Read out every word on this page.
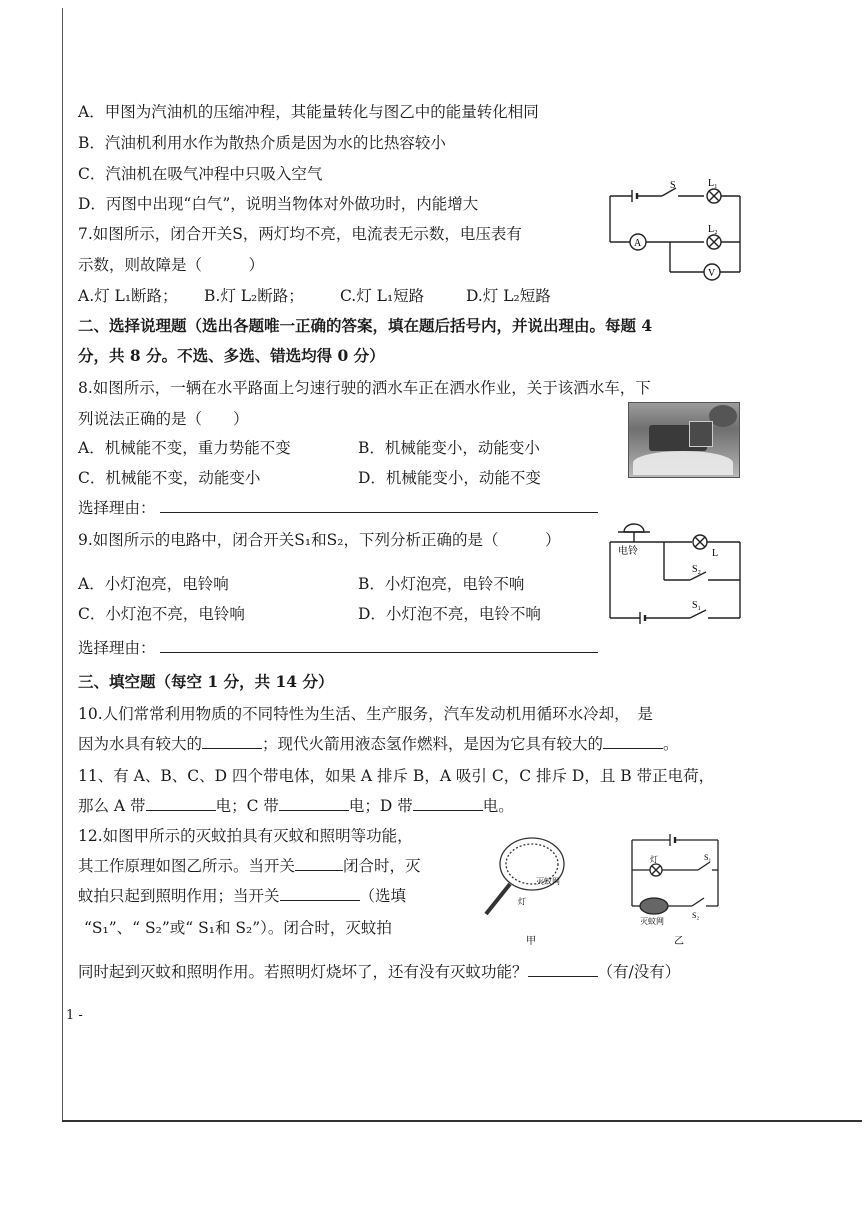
A．甲图为汽油机的压缩冲程，其能量转化与图乙中的能量转化相同
B．汽油机利用水作为散热介质是因为水的比热容较小
C．汽油机在吸气冲程中只吸入空气
D．丙图中出现“白气”，说明当物体对外做功时，内能增大
7.如图所示，闭合开关S，两灯均不亮，电流表无示数，电压表有
示数，则故障是（　　　）
A.灯 L₁断路； B.灯 L₂断路； C.灯 L₁短路	D.灯 L₂短路
S	L₁
L₂
A
V
二、选择说理题（选出各题唯一正确的答案，填在题后括号内，并说出理由。每题 4
分，共 8 分。不选、多选、错选均得 0 分）
8.如图所示，一辆在水平路面上匀速行驶的洒水车正在洒水作业，关于该洒水车，下
列说法正确的是（　　）
A．机械能不变，重力势能不变	B．机械能变小，动能变小
C．机械能不变，动能变小	D．机械能变小，动能不变
选择理由：
9.如图所示的电路中，闭合开关S₁和S₂，下列分析正确的是（　　　）
A．小灯泡亮，电铃响	B．小灯泡亮，电铃不响
C．小灯泡不亮，电铃响	D．小灯泡不亮，电铃不响
选择理由：
电铃	L
S₂
S₁
三、填空题（每空 1 分，共 14 分）
10.人们常常利用物质的不同特性为生活、生产服务，汽车发动机用循环水冷却，　是
因为水具有较大的	；现代火箭用液态氢作燃料，是因为它具有较大的	。
11、有 A、B、C、D 四个带电体，如果 A 排斥 B，A 吸引 C，C 排斥 D，且 B 带正电荷，
那么 A 带	电；C 带	电；D 带	电。
12.如图甲所示的灭蚊拍具有灭蚊和照明等功能，
其工作原理如图乙所示。当开关	闭合时，灭
蚊拍只起到照明作用；当开关	（选填
“S₁”、“ S₂”或“ S₁和 S₂”）。闭合时，灭蚊拍
同时起到灭蚊和照明作用。若照明灯烧坏了，还有没有灭蚊功能？	（有/没有）
灭蚊网
灯
甲
灯	S₁
灭蚊网
S₂
乙
1 -
